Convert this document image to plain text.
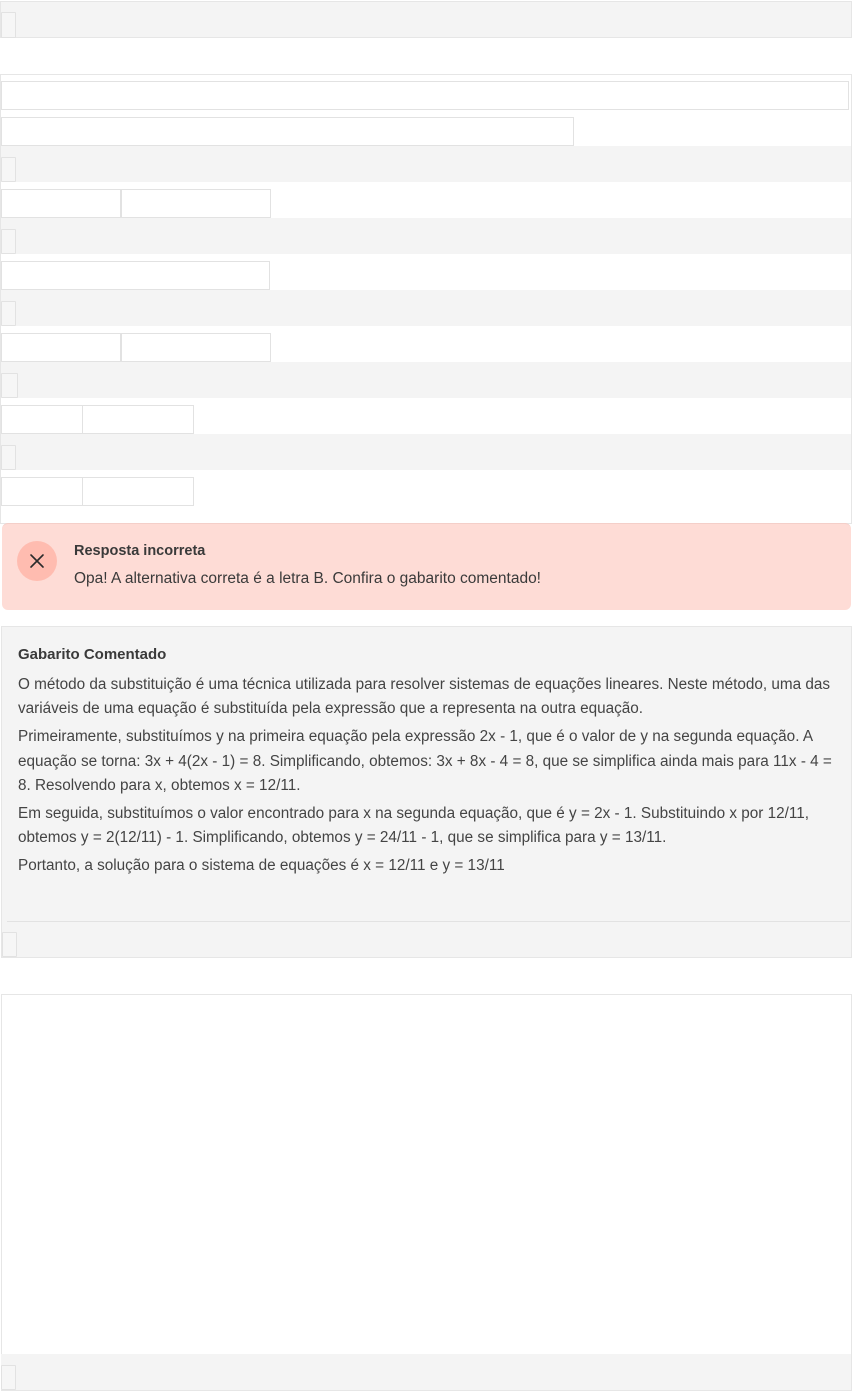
Resposta incorreta
Opa! A alternativa correta é a letra B. Confira o gabarito comentado!
Gabarito Comentado

O método da substituição é uma técnica utilizada para resolver sistemas de equações lineares. Neste método, uma das variáveis de uma equação é substituída pela expressão que a representa na outra equação.

Primeiramente, substituímos y na primeira equação pela expressão 2x - 1, que é o valor de y na segunda equação. A equação se torna: 3x + 4(2x - 1) = 8. Simplificando, obtemos: 3x + 8x - 4 = 8, que se simplifica ainda mais para 11x - 4 = 8. Resolvendo para x, obtemos x = 12/11.

Em seguida, substituímos o valor encontrado para x na segunda equação, que é y = 2x - 1. Substituindo x por 12/11, obtemos y = 2(12/11) - 1. Simplificando, obtemos y = 24/11 - 1, que se simplifica para y = 13/11.

Portanto, a solução para o sistema de equações é x = 12/11 e y = 13/11
